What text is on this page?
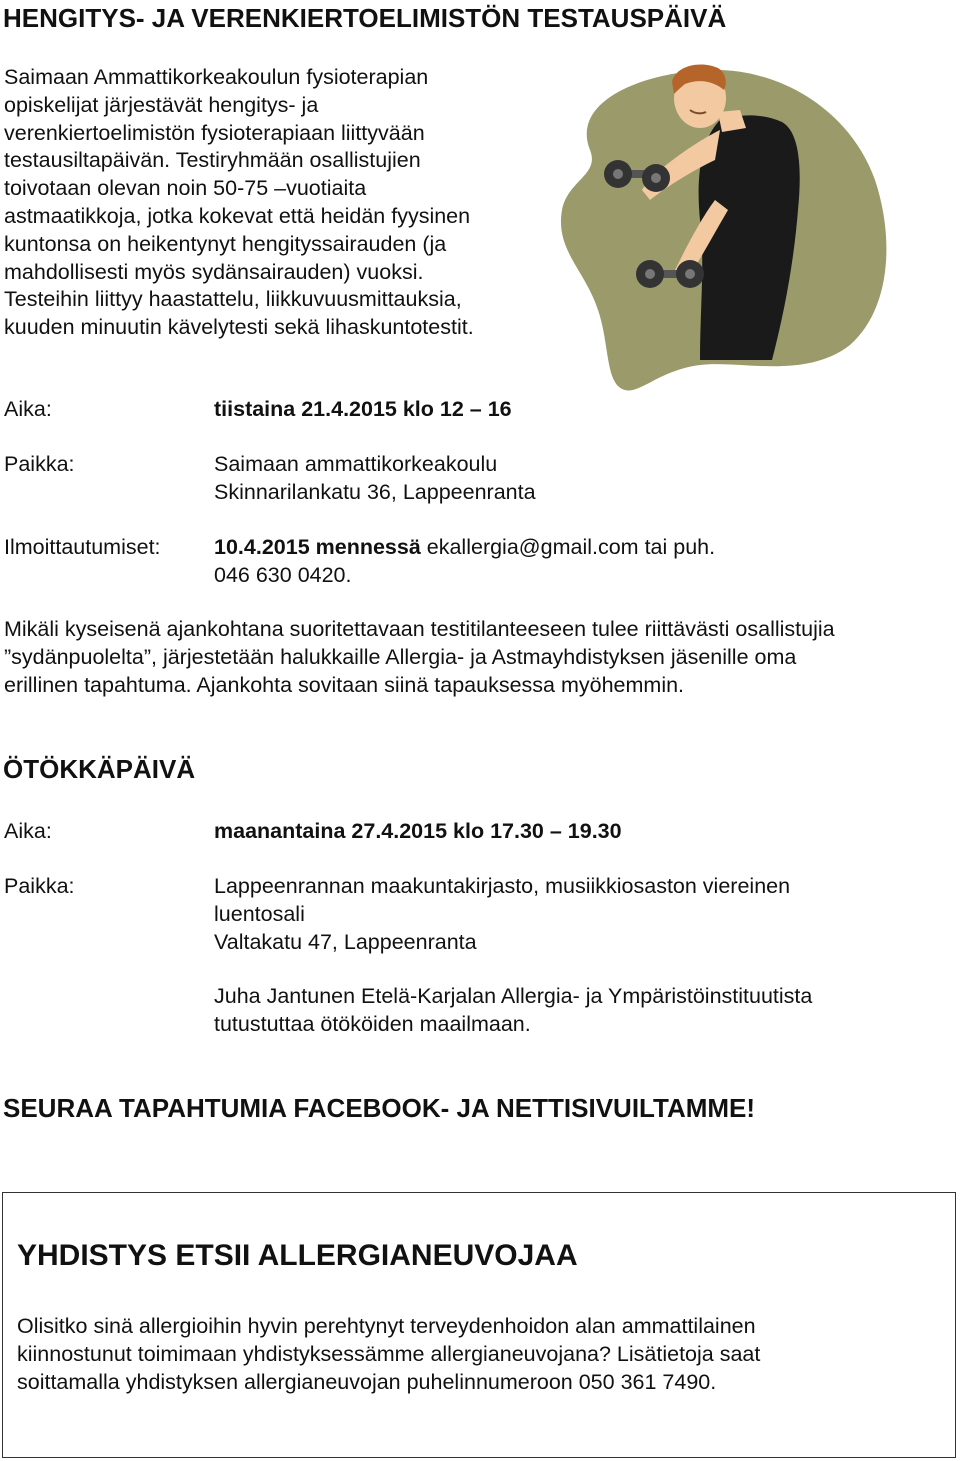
HENGITYS- JA VERENKIERTOELIMISTÖN TESTAUSPÄIVÄ
Saimaan Ammattikorkeakoulun fysioterapian
opiskelijat järjestävät hengitys- ja
verenkiertoelimistön fysioterapiaan liittyvään
testausiltapäivän. Testiryhmään osallistujien
toivotaan olevan noin 50-75 –vuotiaita
astmaatikkoja, jotka kokevat että heidän fyysinen
kuntonsa on heikentynyt hengityssairauden (ja
mahdollisesti myös sydänsairauden) vuoksi.
Testeihin liittyy haastattelu, liikkuvuusmittauksia,
kuuden minuutin kävelytesti sekä lihaskuntotestit.
Aika:	tiistaina 21.4.2015 klo 12 – 16
Paikka:	Saimaan ammattikorkeakoulu
Skinnarilankatu 36, Lappeenranta
Ilmoittautumiset: 10.4.2015 mennessä ekallergia@gmail.com tai puh.
046 630 0420.
Mikäli kyseisenä ajankohtana suoritettavaan testitilanteeseen tulee riittävästi osallistujia
”sydänpuolelta”, järjestetään halukkaille Allergia- ja Astmayhdistyksen jäsenille oma
erillinen tapahtuma. Ajankohta sovitaan siinä tapauksessa myöhemmin.
ÖTÖKKÄPÄIVÄ
Aika:	maanantaina 27.4.2015 klo 17.30 – 19.30
Paikka:	Lappeenrannan maakuntakirjasto, musiikkiosaston viereinen
luentosali
Valtakatu 47, Lappeenranta
Juha Jantunen Etelä-Karjalan Allergia- ja Ympäristöinstituutista
tutustuttaa ötököiden maailmaan.
SEURAA TAPAHTUMIA FACEBOOK- JA NETTISIVUILTAMME!
YHDISTYS ETSII ALLERGIANEUVOJAA
Olisitko sinä allergioihin hyvin perehtynyt terveydenhoidon alan ammattilainen
kiinnostunut toimimaan yhdistyksessämme allergianeuvojana? Lisätietoja saat
soittamalla yhdistyksen allergianeuvojan puhelinnumeroon 050 361 7490.
